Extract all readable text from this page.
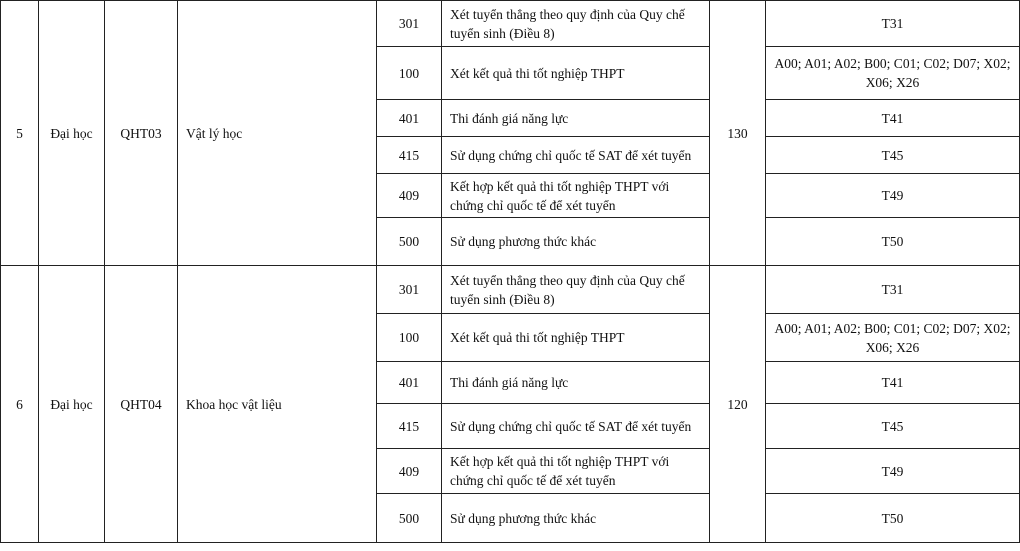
5	Đại học	QHT03	Vật lý học	301	Xét tuyển thẳng theo quy định của Quy chế tuyển sinh (Điều 8)	130	T31
				100	Xét kết quả thi tốt nghiệp THPT		A00; A01; A02; B00; C01; C02; D07; X02; X06; X26
				401	Thi đánh giá năng lực		T41
				415	Sử dụng chứng chỉ quốc tế SAT để xét tuyển		T45
				409	Kết hợp kết quả thi tốt nghiệp THPT với chứng chỉ quốc tế để xét tuyển		T49
				500	Sử dụng phương thức khác		T50
6	Đại học	QHT04	Khoa học vật liệu	301	Xét tuyển thẳng theo quy định của Quy chế tuyển sinh (Điều 8)	120	T31
				100	Xét kết quả thi tốt nghiệp THPT		A00; A01; A02; B00; C01; C02; D07; X02; X06; X26
				401	Thi đánh giá năng lực		T41
				415	Sử dụng chứng chỉ quốc tế SAT để xét tuyển		T45
				409	Kết hợp kết quả thi tốt nghiệp THPT với chứng chỉ quốc tế để xét tuyển		T49
				500	Sử dụng phương thức khác		T50
